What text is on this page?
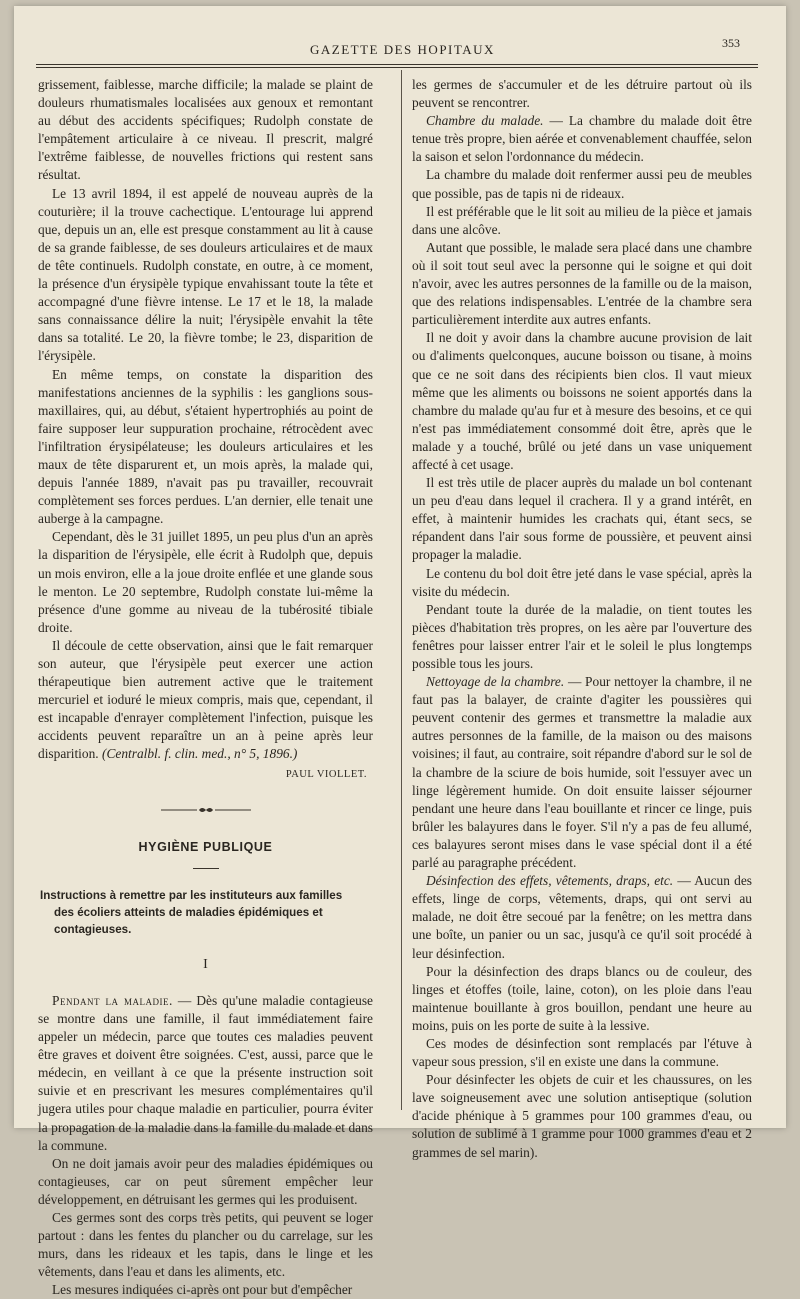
GAZETTE DES HOPITAUX	353

grissement, faiblesse, marche difficile; la malade se plaint de douleurs rhumatismales localisées aux genoux et remontant au début des accidents spécifiques; Rudolph constate de l'empâtement articulaire à ce niveau. Il prescrit, malgré l'extrême faiblesse, de nouvelles frictions qui restent sans résultat.

Le 13 avril 1894, il est appelé de nouveau auprès de la couturière; il la trouve cachectique. L'entourage lui apprend que, depuis un an, elle est presque constamment au lit à cause de sa grande faiblesse, de ses douleurs articulaires et de maux de tête continuels. Rudolph constate, en outre, à ce moment, la présence d'un érysipèle typique envahissant toute la tête et accompagné d'une fièvre intense. Le 17 et le 18, la malade sans connaissance délire la nuit; l'érysipèle envahit la tête dans sa totalité. Le 20, la fièvre tombe; le 23, disparition de l'érysipèle.

En même temps, on constate la disparition des manifestations anciennes de la syphilis : les ganglions sous-maxillaires, qui, au début, s'étaient hypertrophiés au point de faire supposer leur suppuration prochaine, rétrocèdent avec l'infiltration érysipélateuse; les douleurs articulaires et les maux de tête disparurent et, un mois après, la malade qui, depuis l'année 1889, n'avait pas pu travailler, recouvrait complètement ses forces perdues. L'an dernier, elle tenait une auberge à la campagne.

Cependant, dès le 31 juillet 1895, un peu plus d'un an après la disparition de l'érysipèle, elle écrit à Rudolph que, depuis un mois environ, elle a la joue droite enflée et une glande sous le menton. Le 20 septembre, Rudolph constate lui-même la présence d'une gomme au niveau de la tubérosité tibiale droite.

Il découle de cette observation, ainsi que le fait remarquer son auteur, que l'érysipèle peut exercer une action thérapeutique bien autrement active que le traitement mercuriel et ioduré le mieux compris, mais que, cependant, il est incapable d'enrayer complètement l'infection, puisque les accidents peuvent reparaître un an à peine après leur disparition. (Centralbl. f. clin. med., n° 5, 1896.)

PAUL VIOLLET.
HYGIÈNE PUBLIQUE
Instructions à remettre par les instituteurs aux familles
des écoliers atteints de maladies épidémiques et contagieuses.
I

Pendant la maladie. — Dès qu'une maladie contagieuse se montre dans une famille, il faut immédiatement faire appeler un médecin, parce que toutes ces maladies peuvent être graves et doivent être soignées. C'est, aussi, parce que le médecin, en veillant à ce que la présente instruction soit suivie et en prescrivant les mesures complémentaires qu'il jugera utiles pour chaque maladie en particulier, pourra éviter la propagation de la maladie dans la famille du malade et dans la commune.

On ne doit jamais avoir peur des maladies épidémiques ou contagieuses, car on peut sûrement empêcher leur développement, en détruisant les germes qui les produisent.

Ces germes sont des corps très petits, qui peuvent se loger partout : dans les fentes du plancher ou du carrelage, sur les murs, dans les rideaux et les tapis, dans le linge et les vêtements, dans l'eau et dans les aliments, etc.

Les mesures indiquées ci-après ont pour but d'empêcher

les germes de s'accumuler et de les détruire partout où ils peuvent se rencontrer.

Chambre du malade. — La chambre du malade doit être tenue très propre, bien aérée et convenablement chauffée, selon la saison et selon l'ordonnance du médecin.

La chambre du malade doit renfermer aussi peu de meubles que possible, pas de tapis ni de rideaux.

Il est préférable que le lit soit au milieu de la pièce et jamais dans une alcôve.

Autant que possible, le malade sera placé dans une chambre où il soit tout seul avec la personne qui le soigne et qui doit n'avoir, avec les autres personnes de la famille ou de la maison, que des relations indispensables. L'entrée de la chambre sera particulièrement interdite aux autres enfants.

Il ne doit y avoir dans la chambre aucune provision de lait ou d'aliments quelconques, aucune boisson ou tisane, à moins que ce ne soit dans des récipients bien clos. Il vaut mieux même que les aliments ou boissons ne soient apportés dans la chambre du malade qu'au fur et à mesure des besoins, et ce qui n'est pas immédiatement consommé doit être, après que le malade y a touché, brûlé ou jeté dans un vase uniquement affecté à cet usage.

Il est très utile de placer auprès du malade un bol contenant un peu d'eau dans lequel il crachera. Il y a grand intérêt, en effet, à maintenir humides les crachats qui, étant secs, se répandent dans l'air sous forme de poussière, et peuvent ainsi propager la maladie.

Le contenu du bol doit être jeté dans le vase spécial, après la visite du médecin.

Pendant toute la durée de la maladie, on tient toutes les pièces d'habitation très propres, on les aère par l'ouverture des fenêtres pour laisser entrer l'air et le soleil le plus longtemps possible tous les jours.

Nettoyage de la chambre. — Pour nettoyer la chambre, il ne faut pas la balayer, de crainte d'agiter les poussières qui peuvent contenir des germes et transmettre la maladie aux autres personnes de la famille, de la maison ou des maisons voisines; il faut, au contraire, soit répandre d'abord sur le sol de la chambre de la sciure de bois humide, soit l'essuyer avec un linge légèrement humide. On doit ensuite laisser séjourner pendant une heure dans l'eau bouillante et rincer ce linge, puis brûler les balayures dans le foyer. S'il n'y a pas de feu allumé, ces balayures seront mises dans le vase spécial dont il a été parlé au paragraphe précédent.

Désinfection des effets, vêtements, draps, etc. — Aucun des effets, linge de corps, vêtements, draps, qui ont servi au malade, ne doit être secoué par la fenêtre; on les mettra dans une boîte, un panier ou un sac, jusqu'à ce qu'il soit procédé à leur désinfection.

Pour la désinfection des draps blancs ou de couleur, des linges et étoffes (toile, laine, coton), on les ploie dans l'eau maintenue bouillante à gros bouillon, pendant une heure au moins, puis on les porte de suite à la lessive.

Ces modes de désinfection sont remplacés par l'étuve à vapeur sous pression, s'il en existe une dans la commune.

Pour désinfecter les objets de cuir et les chaussures, on les lave soigneusement avec une solution antiseptique (solution d'acide phénique à 5 grammes pour 100 grammes d'eau, ou solution de sublimé à 1 gramme pour 1000 grammes d'eau et 2 grammes de sel marin).
